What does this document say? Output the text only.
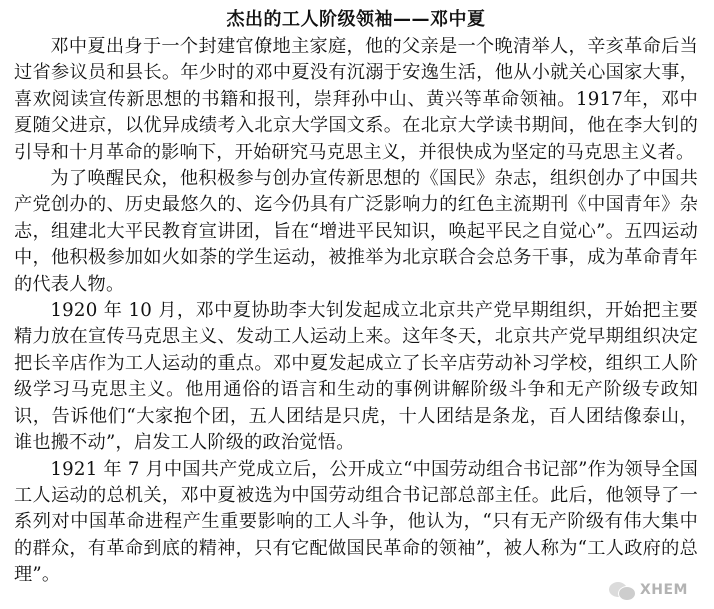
杰出的工人阶级领袖——邓中夏

邓中夏出身于一个封建官僚地主家庭，他的父亲是一个晚清举人，辛亥革命后当过省参议员和县长。年少时的邓中夏没有沉溺于安逸生活，他从小就关心国家大事，喜欢阅读宣传新思想的书籍和报刊，崇拜孙中山、黄兴等革命领袖。1917年，邓中夏随父进京，以优异成绩考入北京大学国文系。在北京大学读书期间，他在李大钊的引导和十月革命的影响下，开始研究马克思主义，并很快成为坚定的马克思主义者。

为了唤醒民众，他积极参与创办宣传新思想的《国民》杂志，组织创办了中国共产党创办的、历史最悠久的、迄今仍具有广泛影响力的红色主流期刊《中国青年》杂志，组建北大平民教育宣讲团，旨在“增进平民知识，唤起平民之自觉心”。五四运动中，他积极参加如火如荼的学生运动，被推举为北京联合会总务干事，成为革命青年的代表人物。

1920 年 10 月，邓中夏协助李大钊发起成立北京共产党早期组织，开始把主要精力放在宣传马克思主义、发动工人运动上来。这年冬天，北京共产党早期组织决定把长辛店作为工人运动的重点。邓中夏发起成立了长辛店劳动补习学校，组织工人阶级学习马克思主义。他用通俗的语言和生动的事例讲解阶级斗争和无产阶级专政知识，告诉他们“大家抱个团，五人团结是只虎，十人团结是条龙，百人团结像泰山，谁也搬不动”，启发工人阶级的政治觉悟。

1921 年 7 月中国共产党成立后，公开成立“中国劳动组合书记部”作为领导全国工人运动的总机关，邓中夏被选为中国劳动组合书记部总部主任。此后，他领导了一系列对中国革命进程产生重要影响的工人斗争，他认为，“只有无产阶级有伟大集中的群众，有革命到底的精神，只有它配做国民革命的领袖”，被人称为“工人政府的总理”。

XHEM
